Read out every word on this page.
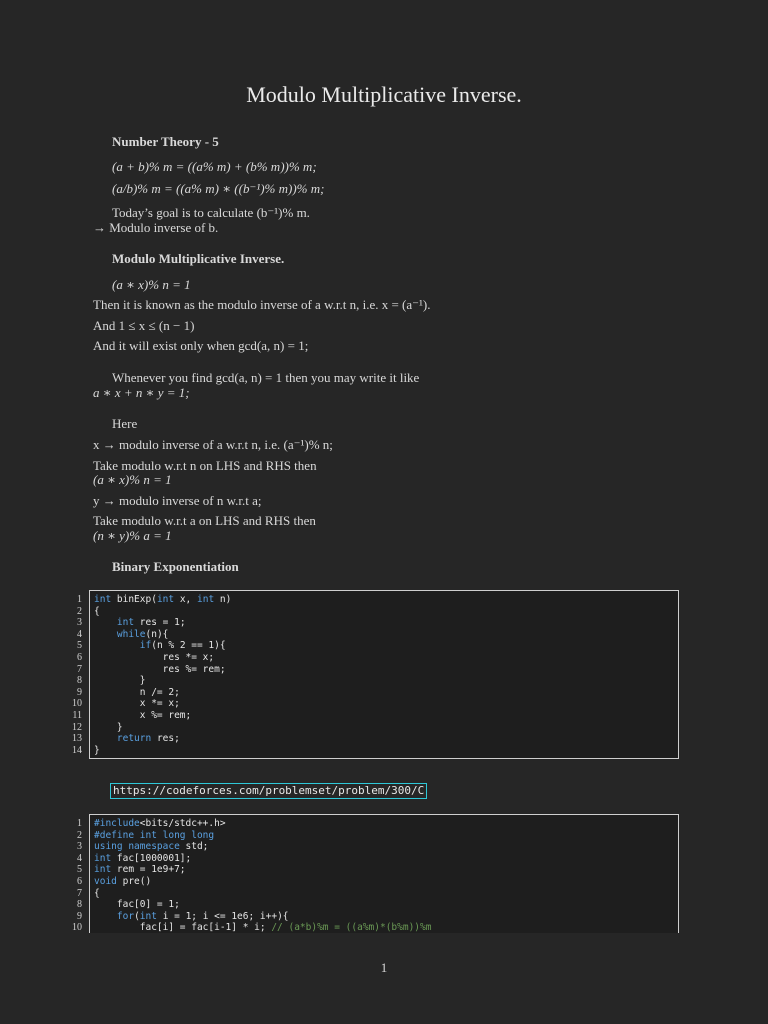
Modulo Multiplicative Inverse.
Number Theory - 5
(a + b)% m = ((a% m) + (b% m))% m;
(a/b)% m = ((a% m) ∗ ((b⁻¹)% m))% m;
Today’s goal is to calculate (b⁻¹)% m.
→ Modulo inverse of b.
Modulo Multiplicative Inverse.
(a ∗ x)% n = 1
Then it is known as the modulo inverse of a w.r.t n, i.e. x = (a⁻¹).
And 1 ≤ x ≤ (n − 1)
And it will exist only when gcd(a, n) = 1;
Whenever you find gcd(a, n) = 1 then you may write it like
a ∗ x + n ∗ y = 1;
Here
x → modulo inverse of a w.r.t n, i.e. (a⁻¹)% n;
Take modulo w.r.t n on LHS and RHS then
(a ∗ x)% n = 1
y → modulo inverse of n w.r.t a;
Take modulo w.r.t a on LHS and RHS then
(n ∗ y)% a = 1
Binary Exponentiation
int binExp(int x, int n)
{
int res = 1;
while(n){
if(n % 2 == 1){
res *= x;
res %= rem;
}
n /= 2;
x *= x;
x %= rem;
}
return res;
}
1
2
3
4
5
6
7
8
9
10
11
12
13
14
https://codeforces.com/problemset/problem/300/C
#include<bits/stdc++.h>
#define int long long
using namespace std;
int fac[1000001];
int rem = 1e9+7;
void pre()
{
fac[0] = 1;
for(int i = 1; i <= 1e6; i++){
fac[i] = fac[i-1] * i; // (a*b)%m = ((a%m)*(b%m))%m
1
2
3
4
5
6
7
8
9
10
1
